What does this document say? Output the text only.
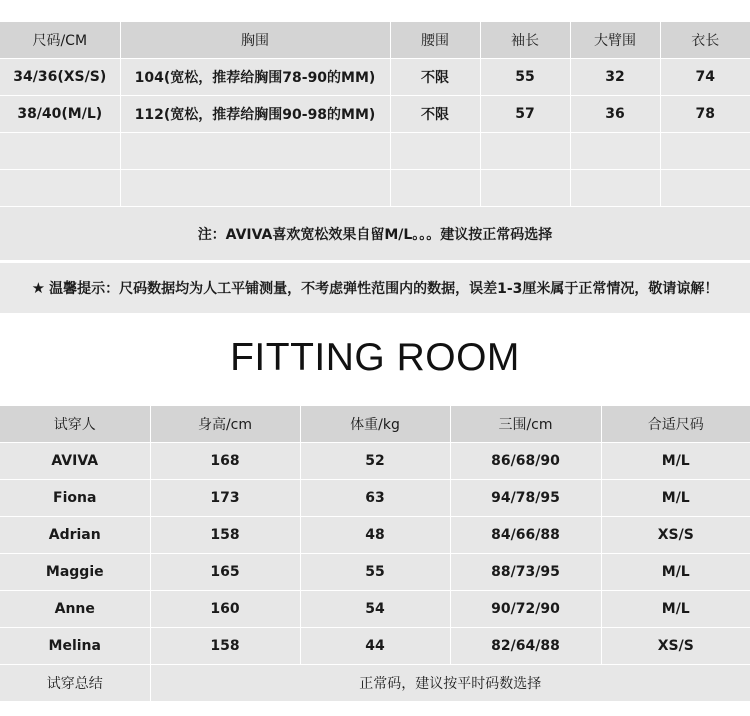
尺码/CM	胸围	腰围	袖长	大臂围	衣长
34/36(XS/S)	104(宽松，推荐给胸围78-90的MM)	不限	55	32	74
38/40(M/L)	112(宽松，推荐给胸围90-98的MM)	不限	57	36	78

注：AVIVA喜欢宽松效果自留M/L。。。建议按正常码选择					
★ 温馨提示：尺码数据均为人工平铺测量，不考虑弹性范围内的数据，误差1-3厘米属于正常情况，敬请谅解！
FITTING ROOM
试穿人	身高/cm	体重/kg	三围/cm	合适尺码
AVIVA	168	52	86/68/90	M/L
Fiona	173	63	94/78/95	M/L
Adrian	158	48	84/66/88	XS/S
Maggie	165	55	88/73/95	M/L
Anne	160	54	90/72/90	M/L
Melina	158	44	82/64/88	XS/S
试穿总结	正常码，建议按平时码数选择			
